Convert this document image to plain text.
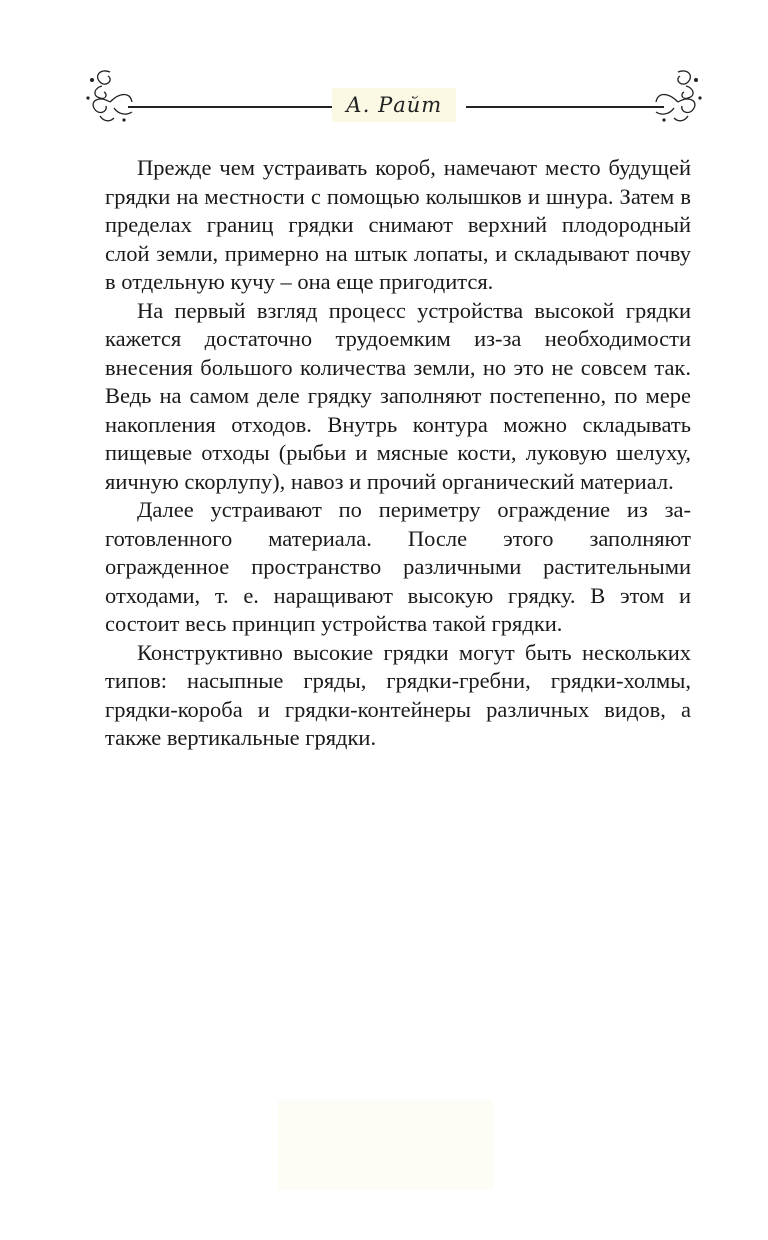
А. Райт

Прежде чем устраивать короб, намечают место будущей грядки на местности с помощью колышков и шнура. Затем в пределах границ грядки снимают верхний плодородный слой земли, примерно на штык лопаты, и складывают почву в отдельную кучу – она еще пригодится.

На первый взгляд процесс устройства высокой грядки кажется достаточно трудоемким из-за необходимости внесения большого количества земли, но это не совсем так. Ведь на самом деле грядку заполняют постепенно, по мере накопления отходов. Внутрь контура можно складывать пищевые отходы (рыбьи и мясные кости, луковую шелуху, яичную скорлупу), навоз и прочий органический материал.

Далее устраивают по периметру ограждение из заготовленного материала. После этого заполняют огражденное пространство различными растительными отходами, т. е. наращивают высокую грядку. В этом и состоит весь принцип устройства такой грядки.

Конструктивно высокие грядки могут быть нескольких типов: насыпные гряды, грядки-гребни, грядки-холмы, грядки-короба и грядки-контейнеры различных видов, а также вертикальные грядки.
